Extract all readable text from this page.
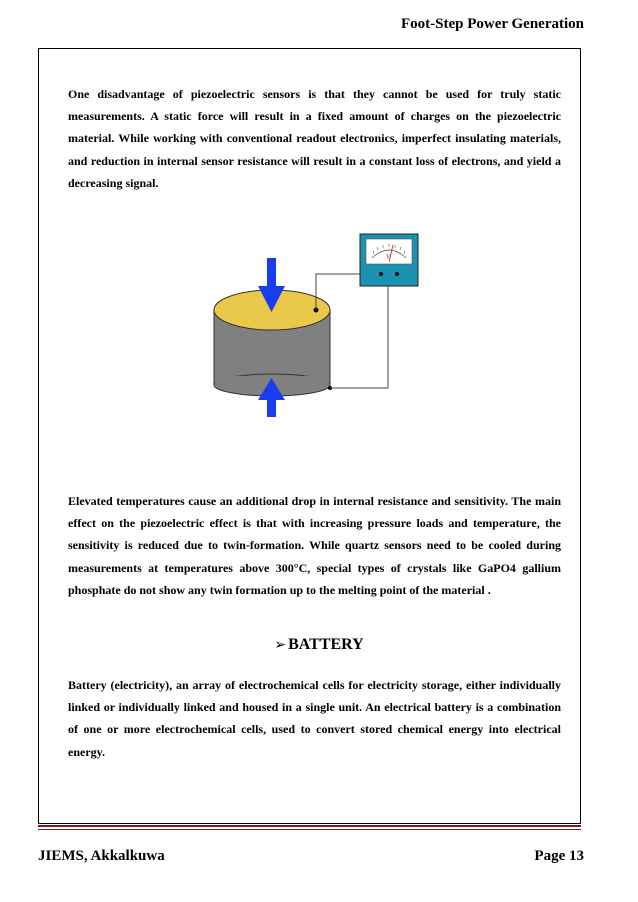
Foot-Step Power Generation

One disadvantage of piezoelectric sensors is that they cannot be used for truly static measurements. A static force will result in a fixed amount of charges on the piezoelectric material. While working with conventional readout electronics, imperfect insulating materials, and reduction in internal sensor resistance will result in a constant loss of electrons, and yield a decreasing signal.

V

Elevated temperatures cause an additional drop in internal resistance and sensitivity. The main effect on the piezoelectric effect is that with increasing pressure loads and temperature, the sensitivity is reduced due to twin-formation. While quartz sensors need to be cooled during measurements at temperatures above 300°C, special types of crystals like GaPO4 gallium phosphate do not show any twin formation up to the melting point of the material .

➢ BATTERY

Battery (electricity), an array of electrochemical cells for electricity storage, either individually linked or individually linked and housed in a single unit. An electrical battery is a combination of one or more electrochemical cells, used to convert stored chemical energy into electrical energy.

JIEMS, Akkalkuwa	Page 13
